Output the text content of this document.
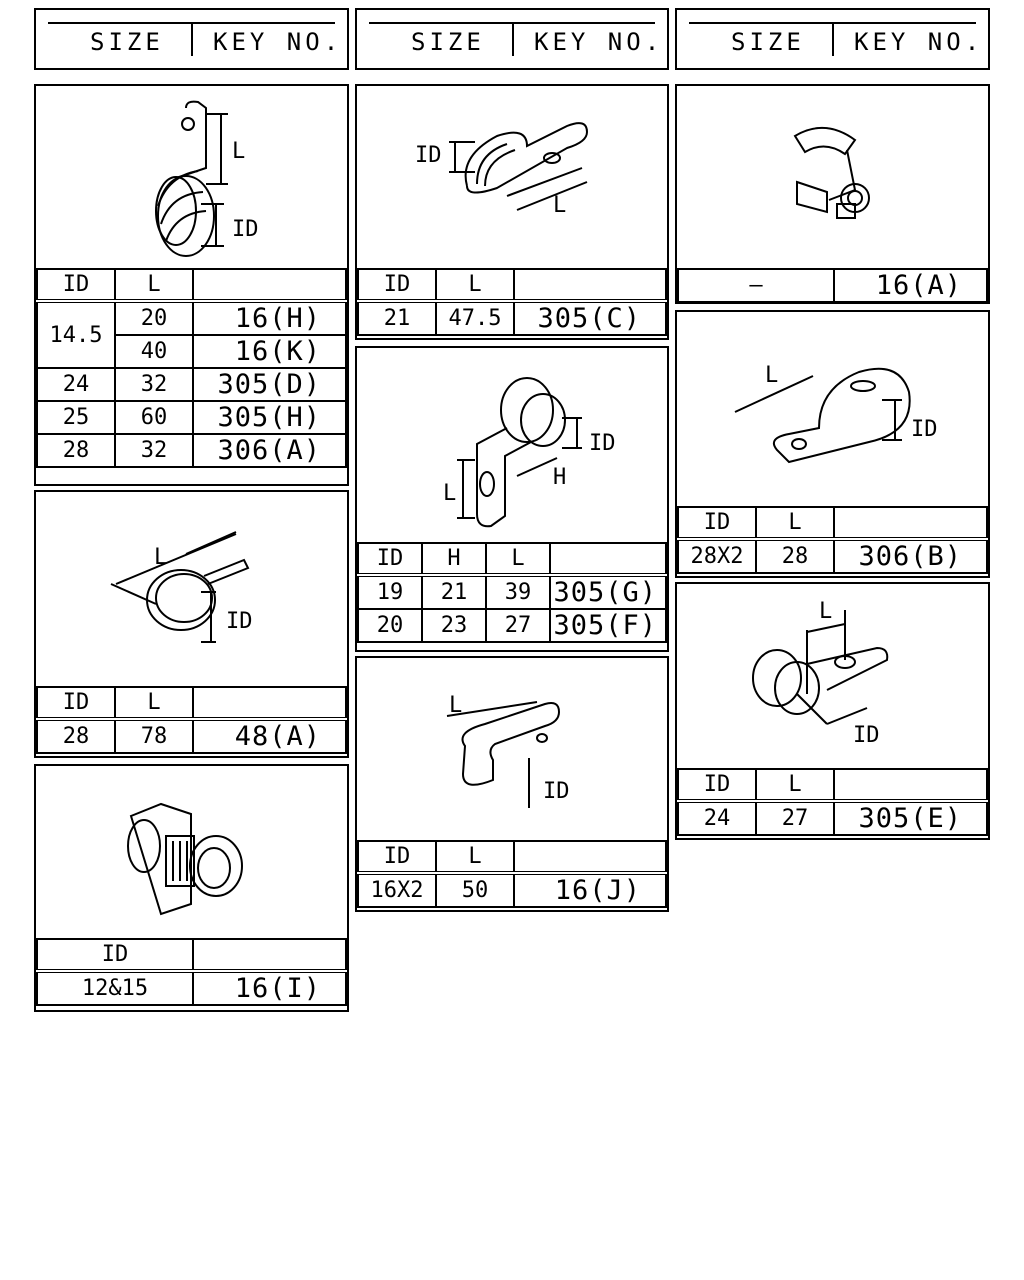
SIZE KEY NO.	SIZE KEY NO.	SIZE KEY NO.
L
ID
ID	L	
14.5	20	16(H)
	40	16(K)
24	32	305(D)
25	60	305(H)
28	32	306(A)
L
ID
ID	L	
28	78	48(A)
ID	
12&15	16(I)
ID
L
ID	L	
21	47.5	305(C)
ID
H
L
ID	H	L	
19	21	39	305(G)
20	23	27	305(F)
L
ID
ID	L	
16X2	50	16(J)
—	16(A)
L
ID
ID	L	
28X2	28	306(B)
L
ID
ID	L	
24	27	305(E)
